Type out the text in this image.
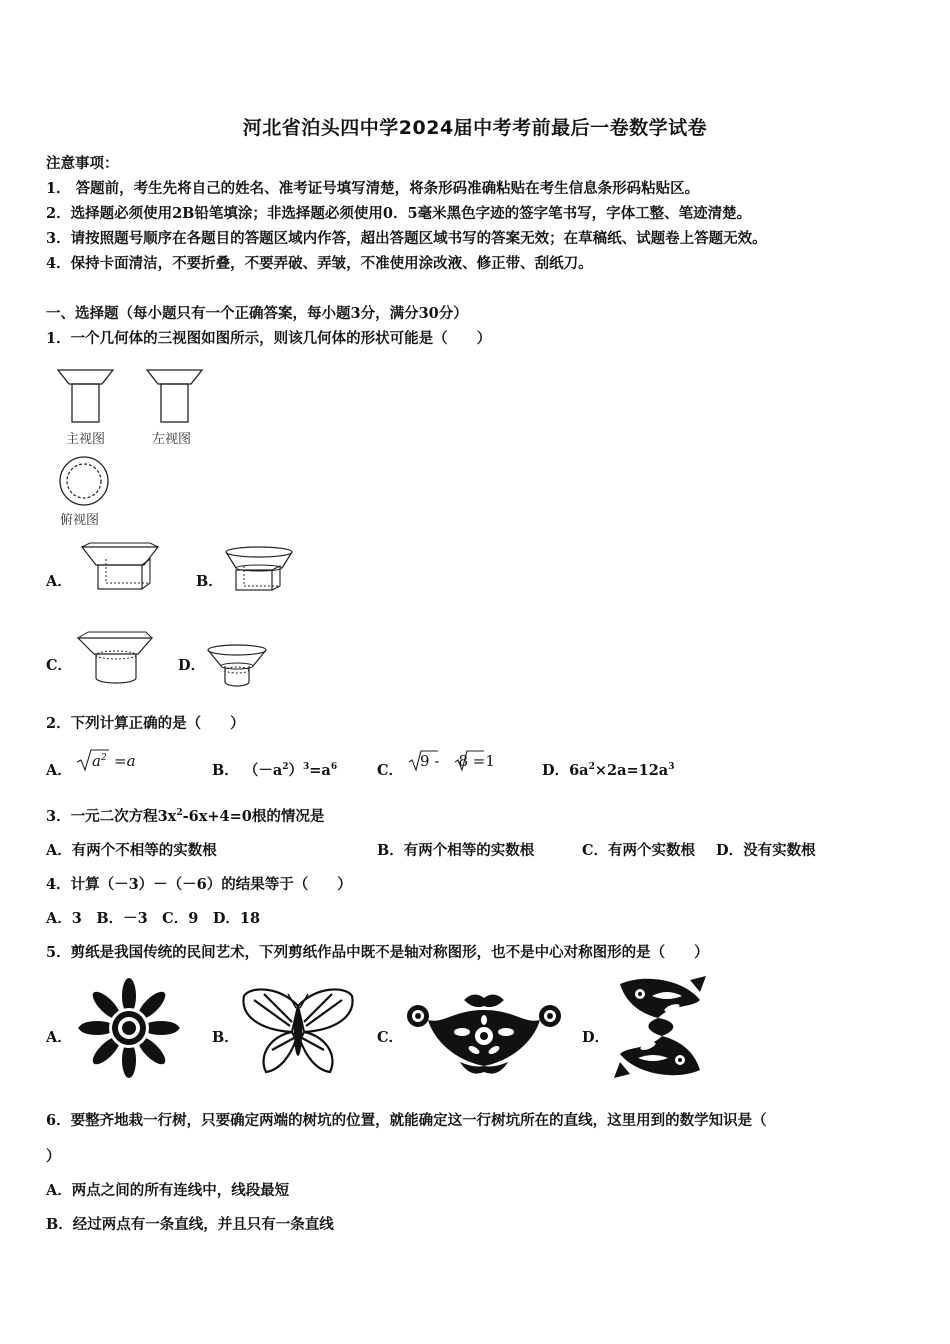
河北省泊头四中学2024届中考考前最后一卷数学试卷
注意事项：
1． 答题前，考生先将自己的姓名、准考证号填写清楚，将条形码准确粘贴在考生信息条形码粘贴区。
2．选择题必须使用2B铅笔填涂；非选择题必须使用0．5毫米黑色字迹的签字笔书写，字体工整、笔迹清楚。
3．请按照题号顺序在各题目的答题区域内作答，超出答题区域书写的答案无效；在草稿纸、试题卷上答题无效。
4．保持卡面清洁，不要折叠，不要弄破、弄皱，不准使用涂改液、修正带、刮纸刀。
一、选择题（每小题只有一个正确答案，每小题3分，满分30分）
1．一个几何体的三视图如图所示，则该几何体的形状可能是（　　）
主视图	左视图
俯视图
A．	B．
C．	D．
2．下列计算正确的是（　　）
A．
$a^2 =a$
B． $(-a^2)^3=a^6$	C．
9 -    8 =1
D．$6a^2\times 2a=12a^3$
3．一元二次方程$3x^2-6x+4=0$根的情况是
A．有两个不相等的实数根	B．有两个相等的实数根	C．有两个实数根 D．没有实数根
4．计算（－3）－（－6）的结果等于（　　）
A．3　B．－3　C．9　D．18
5．剪纸是我国传统的民间艺术，下列剪纸作品中既不是轴对称图形，也不是中心对称图形的是（　　）
A．	B．	C．	D．
6．要整齐地栽一行树，只要确定两端的树坑的位置，就能确定这一行树坑所在的直线，这里用到的数学知识是（
）
A．两点之间的所有连线中，线段最短
B．经过两点有一条直线，并且只有一条直线
